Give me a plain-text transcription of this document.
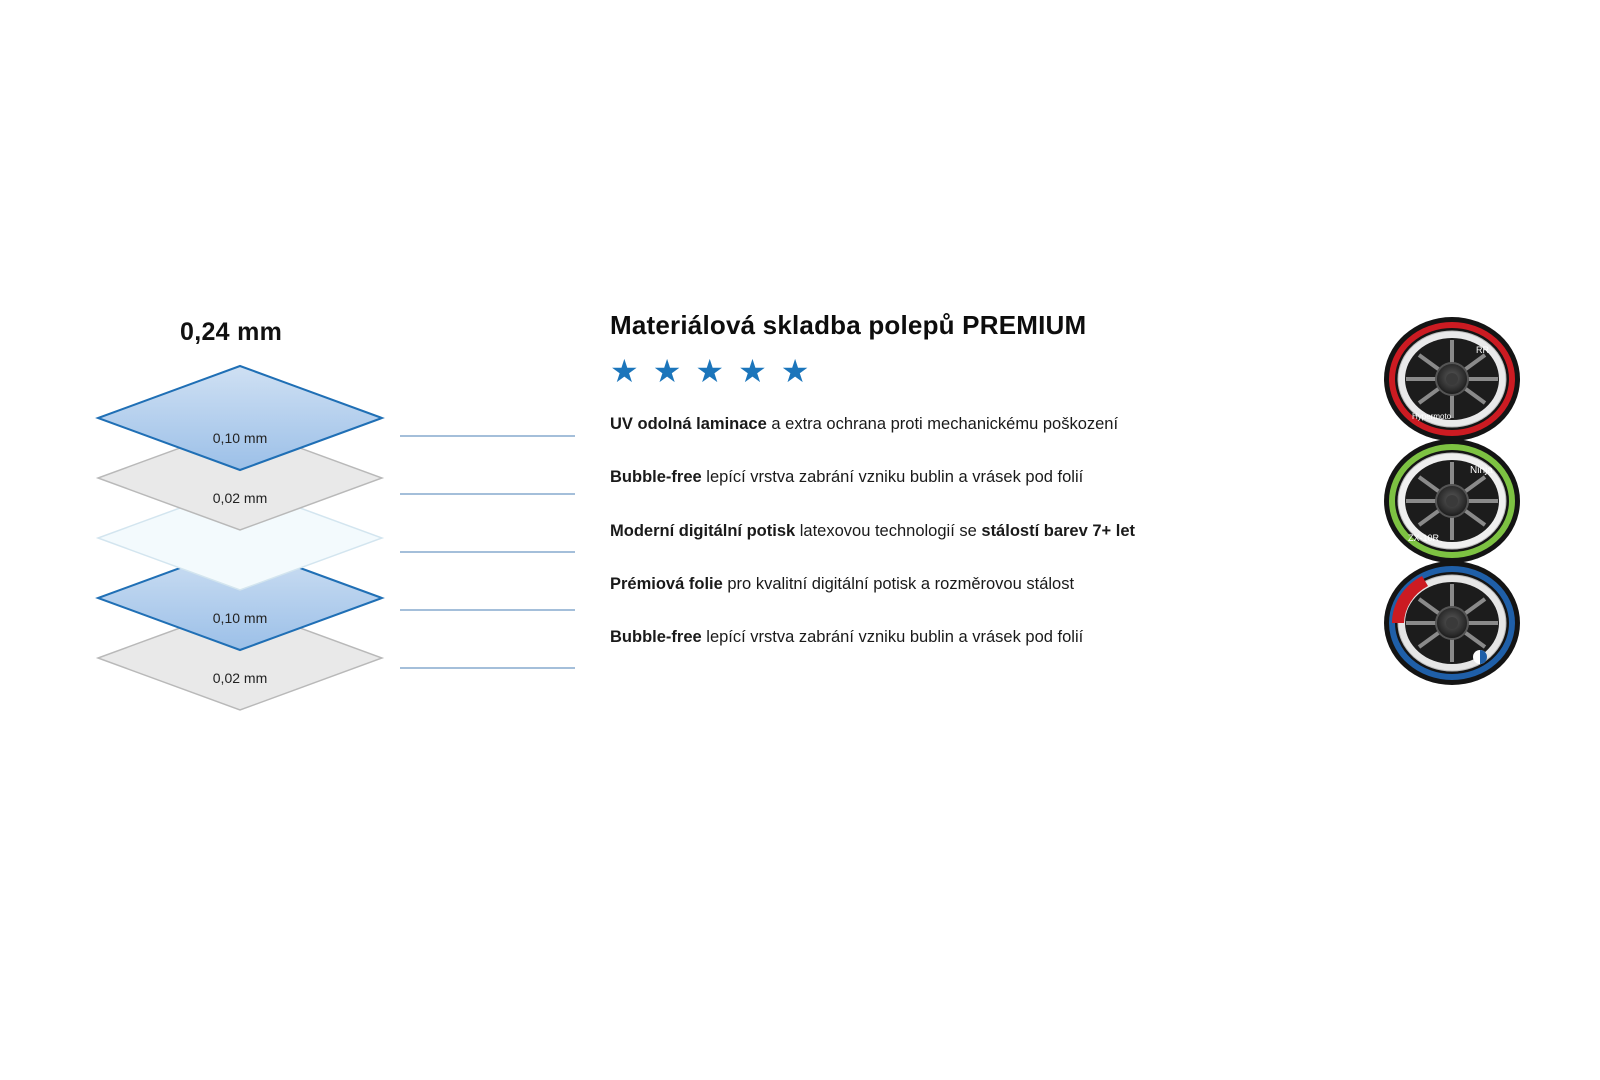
0,24 mm
0,02 mm
0,10 mm
0,02 mm
0,10 mm
Materiálová skladba polepů PREMIUM
★ ★ ★ ★ ★
UV odolná laminace a extra ochrana proti mechanickému poškození
Bubble-free lepící vrstva zabrání vzniku bublin a vrásek pod folií
Moderní digitální potisk latexovou technologií se stálostí barev 7+ let
Prémiová folie pro kvalitní digitální potisk a rozměrovou stálost
Bubble-free lepící vrstva zabrání vzniku bublin a vrásek pod folií
Hypermoto
RR
Ninja
ZX-10R
